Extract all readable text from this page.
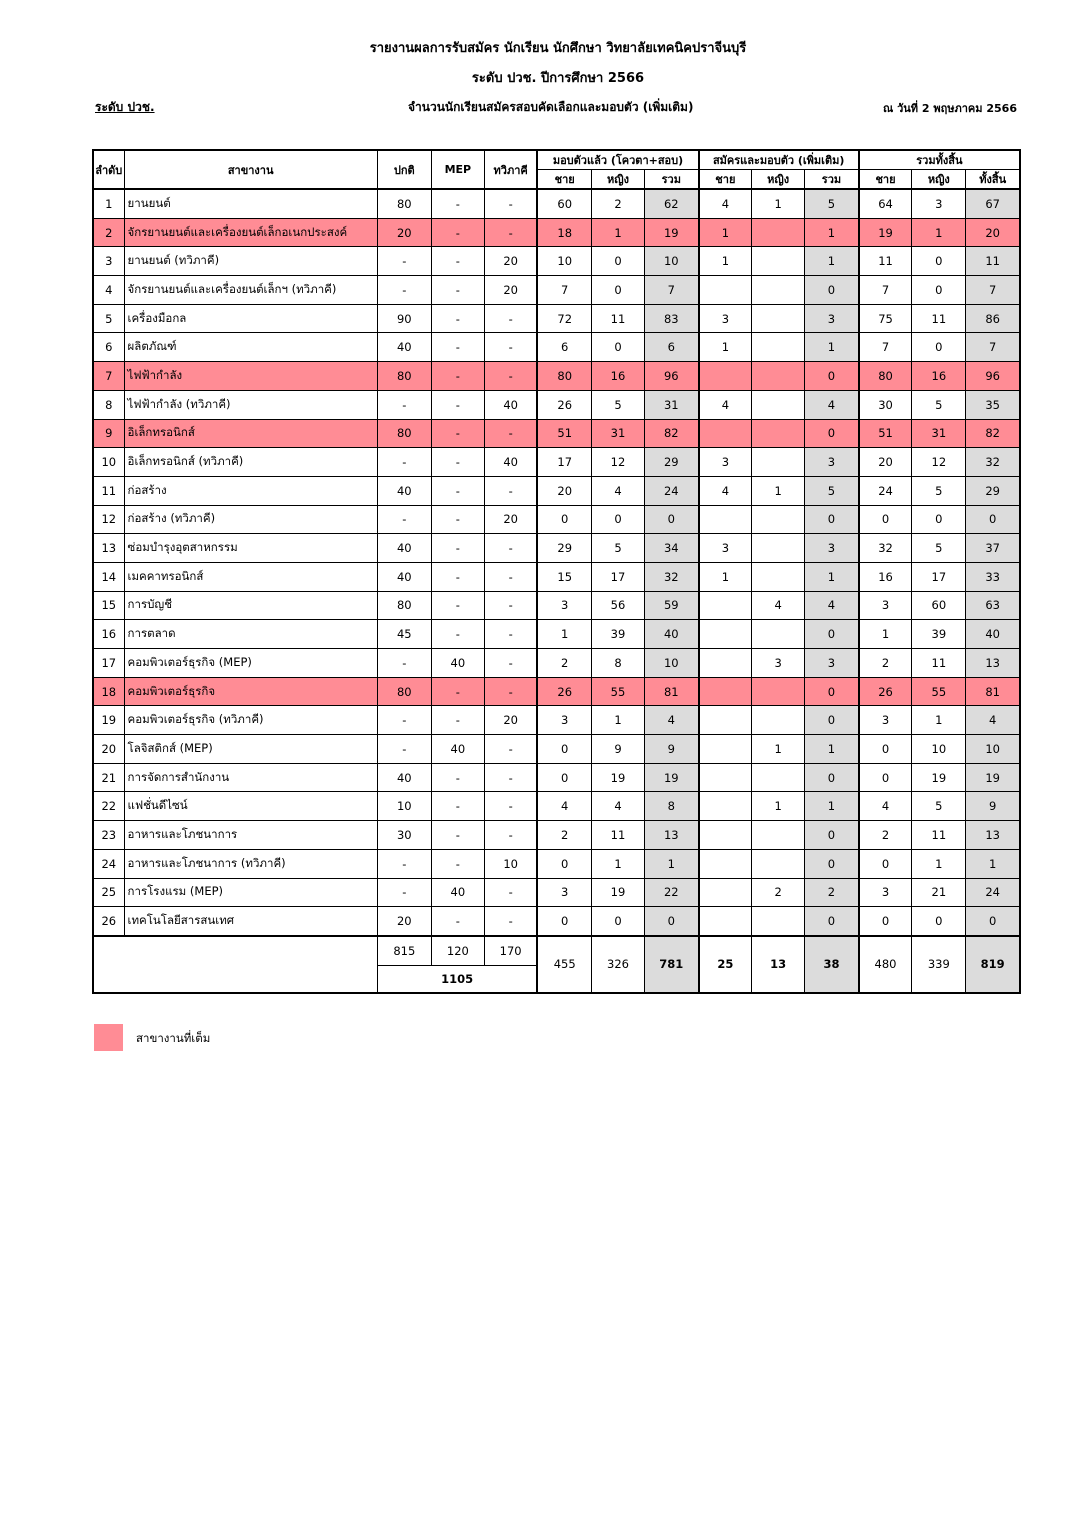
รายงานผลการรับสมัคร นักเรียน นักศึกษา วิทยาลัยเทคนิคปราจีนบุรี
ระดับ ปวช. ปีการศึกษา 2566
ระดับ ปวช.	จำนวนนักเรียนสมัครสอบคัดเลือกและมอบตัว (เพิ่มเติม)	ณ วันที่ 2 พฤษภาคม 2566
ลำดับ	สาขางาน	ปกติ	MEP	ทวิภาคี	มอบตัวแล้ว (โควตา+สอบ)			สมัครและมอบตัว (เพิ่มเติม)			รวมทั้งสิ้น		
					ชาย	หญิง	รวม	ชาย	หญิง	รวม	ชาย	หญิง	ทั้งสิ้น
1	ยานยนต์	80	-	-	60	2	62	4	1	5	64	3	67
2	จักรยานยนต์และเครื่องยนต์เล็กอเนกประสงค์	20	-	-	18	1	19	1		1	19	1	20
3	ยานยนต์ (ทวิภาคี)	-	-	20	10	0	10	1		1	11	0	11
4	จักรยานยนต์และเครื่องยนต์เล็กฯ (ทวิภาคี)	-	-	20	7	0	7			0	7	0	7
5	เครื่องมือกล	90	-	-	72	11	83	3		3	75	11	86
6	ผลิตภัณฑ์	40	-	-	6	0	6	1		1	7	0	7
7	ไฟฟ้ากำลัง	80	-	-	80	16	96			0	80	16	96
8	ไฟฟ้ากำลัง (ทวิภาคี)	-	-	40	26	5	31	4		4	30	5	35
9	อิเล็กทรอนิกส์	80	-	-	51	31	82			0	51	31	82
10	อิเล็กทรอนิกส์ (ทวิภาคี)	-	-	40	17	12	29	3		3	20	12	32
11	ก่อสร้าง	40	-	-	20	4	24	4	1	5	24	5	29
12	ก่อสร้าง (ทวิภาคี)	-	-	20	0	0	0			0	0	0	0
13	ซ่อมบำรุงอุตสาหกรรม	40	-	-	29	5	34	3		3	32	5	37
14	เมคคาทรอนิกส์	40	-	-	15	17	32	1		1	16	17	33
15	การบัญชี	80	-	-	3	56	59		4	4	3	60	63
16	การตลาด	45	-	-	1	39	40			0	1	39	40
17	คอมพิวเตอร์ธุรกิจ (MEP)	-	40	-	2	8	10		3	3	2	11	13
18	คอมพิวเตอร์ธุรกิจ	80	-	-	26	55	81			0	26	55	81
19	คอมพิวเตอร์ธุรกิจ (ทวิภาคี)	-	-	20	3	1	4			0	3	1	4
20	โลจิสติกส์ (MEP)	-	40	-	0	9	9		1	1	0	10	10
21	การจัดการสำนักงาน	40	-	-	0	19	19			0	0	19	19
22	แฟชั่นดีไซน์	10	-	-	4	4	8		1	1	4	5	9
23	อาหารและโภชนาการ	30	-	-	2	11	13			0	2	11	13
24	อาหารและโภชนาการ (ทวิภาคี)	-	-	10	0	1	1			0	0	1	1
25	การโรงแรม (MEP)	-	40	-	3	19	22		2	2	3	21	24
26	เทคโนโลยีสารสนเทศ	20	-	-	0	0	0			0	0	0	0
		815	120	170	455	326	781	25	13	38	480	339	819
		1105											
สาขางานที่เต็ม
